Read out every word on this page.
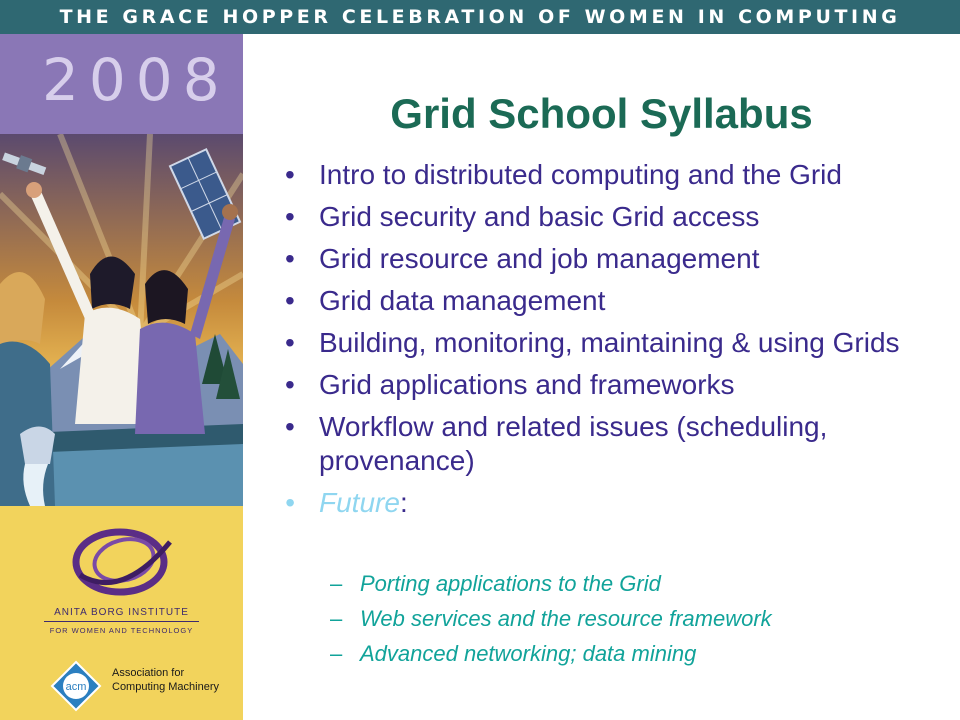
THE GRACE HOPPER CELEBRATION OF WOMEN IN COMPUTING
2008
ANITA BORG INSTITUTE
FOR WOMEN AND TECHNOLOGY
acm
Association for
Computing Machinery
Grid School Syllabus
• Intro to distributed computing and the Grid
• Grid security and basic Grid access
• Grid resource and job management
• Grid data management
• Building, monitoring, maintaining & using Grids
• Grid applications and frameworks
• Workflow and related issues (scheduling, provenance)
• Future:
– Porting applications to the Grid
– Web services and the resource framework
– Advanced networking; data mining
